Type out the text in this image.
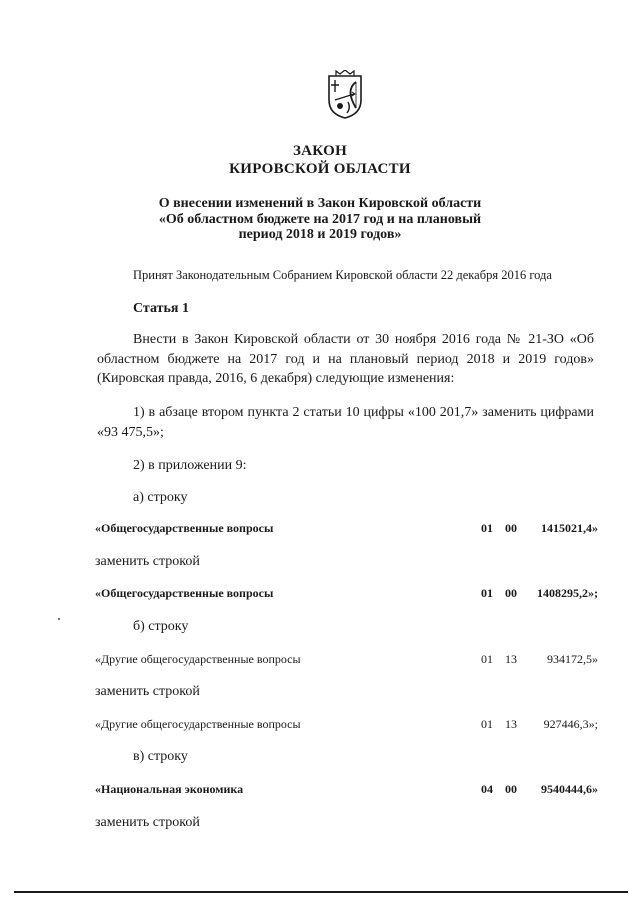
ЗАКОН
КИРОВСКОЙ ОБЛАСТИ
О внесении изменений в Закон Кировской области
«Об областном бюджете на 2017 год и на плановый
период 2018 и 2019 годов»
Принят Законодательным Собранием Кировской области 22 декабря 2016 года
Статья 1
Внести в Закон Кировской области от 30 ноября 2016 года № 21-ЗО «Об областном бюджете на 2017 год и на плановый период 2018 и 2019 годов» (Кировская правда, 2016, 6 декабря) следующие изменения:
1) в абзаце втором пункта 2 статьи 10 цифры «100 201,7» заменить цифрами «93 475,5»;
2) в приложении 9:
а) строку
«Общегосударственные вопросы	01 00 1415021,4»
заменить строкой
«Общегосударственные вопросы	01 00 1408295,2»;
б) строку
«Другие общегосударственные вопросы	01 13	934172,5»
заменить строкой
«Другие общегосударственные вопросы	01 13 927446,3»;
в) строку
«Национальная экономика	04 00 9540444,6»
заменить строкой
